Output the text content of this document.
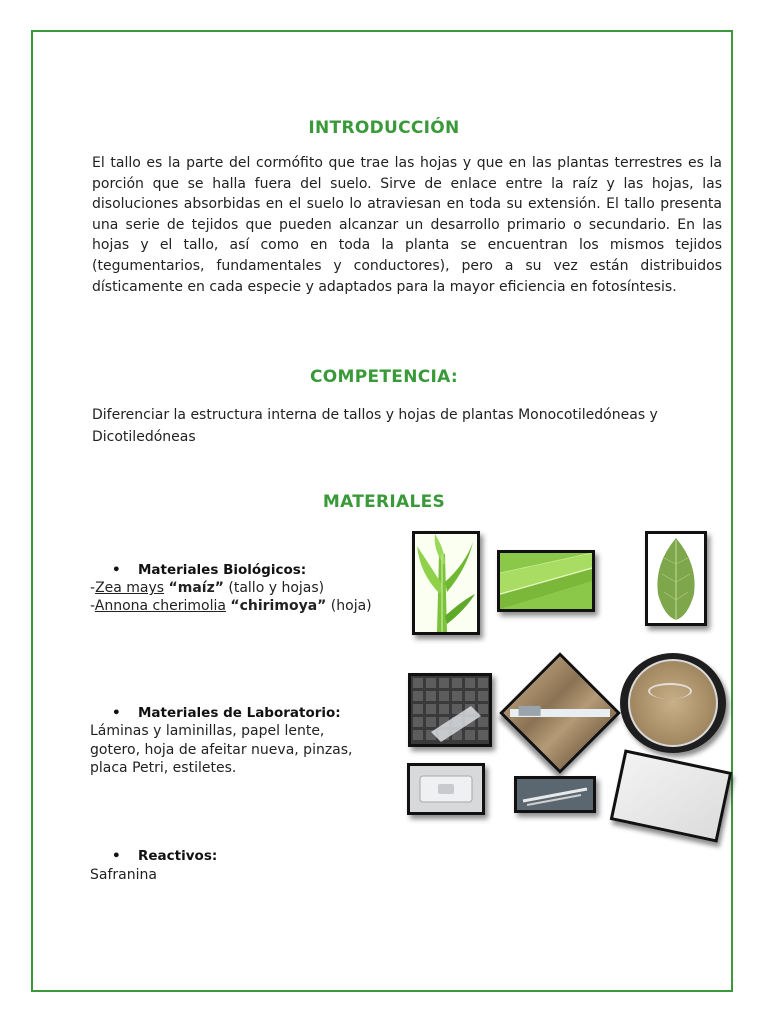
INTRODUCCIÓN
El tallo es la parte del cormófito que trae las hojas y que en las plantas terrestres es la porción que se halla fuera del suelo. Sirve de enlace entre la raíz y las hojas, las disoluciones absorbidas en el suelo lo atraviesan en toda su extensión. El tallo presenta una serie de tejidos que pueden alcanzar un desarrollo primario o secundario. En las hojas y el tallo, así como en toda la planta se encuentran los mismos tejidos (tegumentarios, fundamentales y conductores), pero a su vez están distribuidos dísticamente en cada especie y adaptados para la mayor eficiencia en fotosíntesis.
COMPETENCIA:
Diferenciar la estructura interna de tallos y hojas de plantas Monocotiledóneas y Dicotiledóneas
MATERIALES
• Materiales Biológicos:
-Zea mays “maíz” (tallo y hojas)
-Annona cherimolia “chirimoya” (hoja)
• Materiales de Laboratorio:
Láminas y laminillas, papel lente,
gotero, hoja de afeitar nueva, pinzas,
placa Petri, estiletes.
• Reactivos:
Safranina
